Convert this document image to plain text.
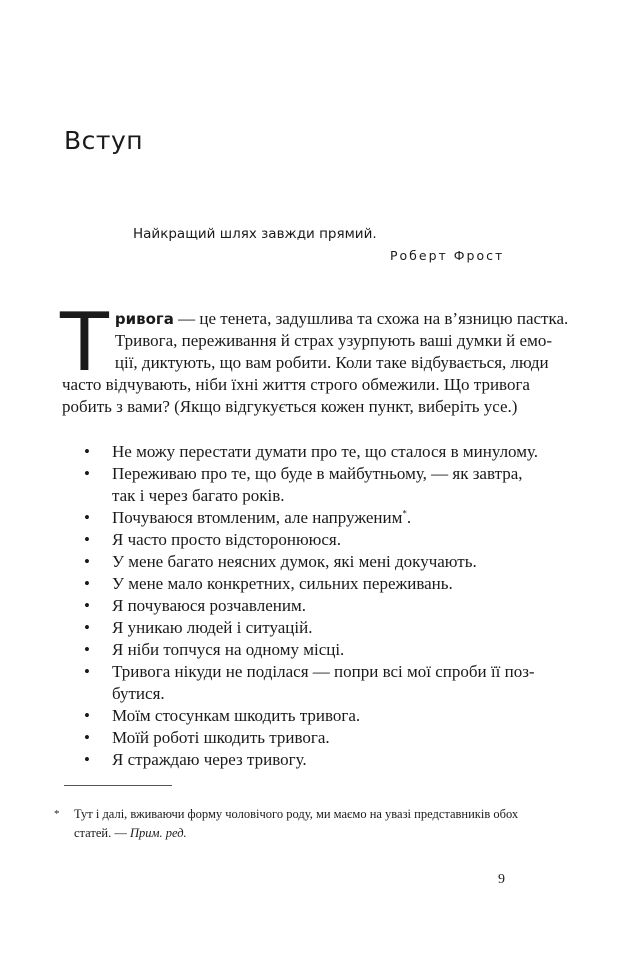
Вступ
Найкращий шлях завжди прямий.
Роберт Фрост
Т ривога — це тенета, задушлива та схожа на в’язницю пастка.
Тривога, переживання й страх узурпують ваші думки й емо-
ції, диктують, що вам робити. Коли таке відбувається, люди
часто відчувають, ніби їхні життя строго обмежили. Що тривога
робить з вами? (Якщо відгукується кожен пункт, виберіть усе.)
• Не можу перестати думати про те, що сталося в минулому.
• Переживаю про те, що буде в майбутньому, — як завтра,
так і через багато років.
• Почуваюся втомленим, але напруженим*.
• Я часто просто відсторонююся.
• У мене багато неясних думок, які мені докучають.
• У мене мало конкретних, сильних переживань.
• Я почуваюся розчавленим.
• Я уникаю людей і ситуацій.
• Я ніби топчуся на одному місці.
• Тривога нікуди не поділася — попри всі мої спроби її поз-
бутися.
• Моїм стосункам шкодить тривога.
• Моїй роботі шкодить тривога.
• Я страждаю через тривогу.
*	Тут і далі, вживаючи форму чоловічого роду, ми маємо на увазі представників обох
статей. — Прим. ред.
9
